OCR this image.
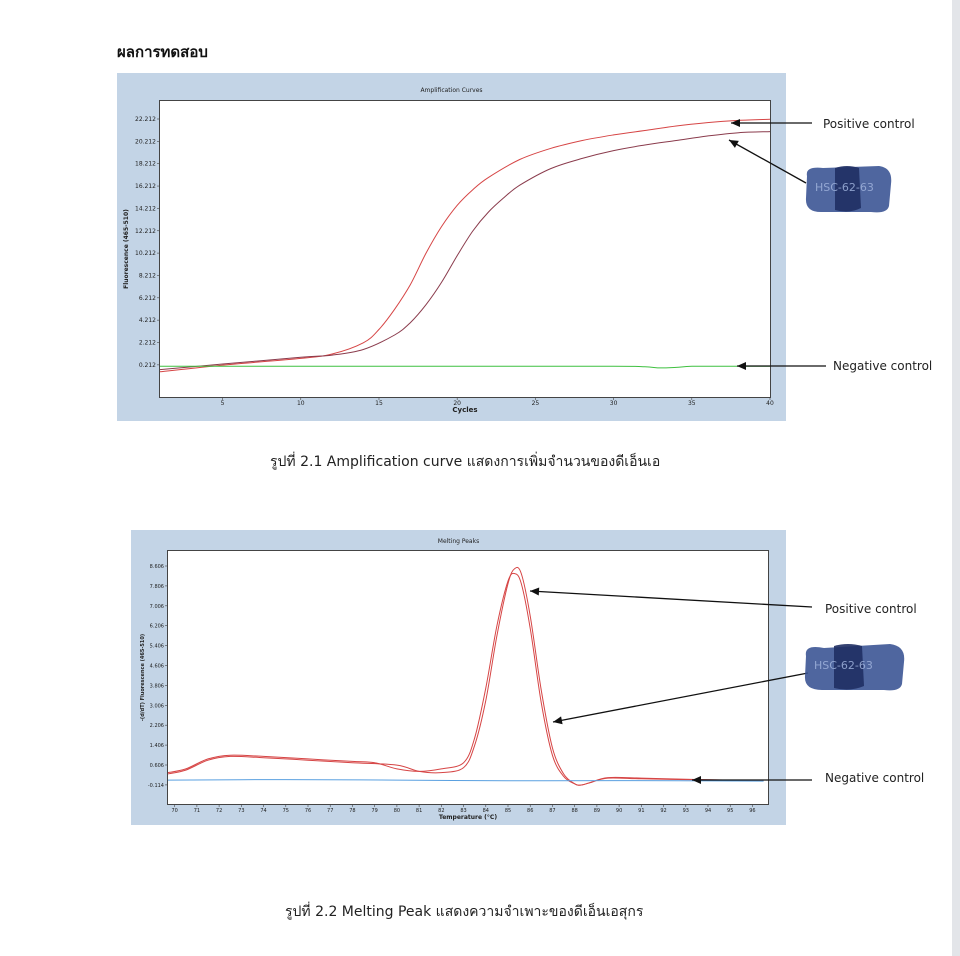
ผลการทดสอบ
Amplification Curves
5	10	15	20	25	30	35	40
22.212
20.212
18.212
16.212
14.212
12.212
10.212
8.212
6.212
4.212
2.212
0.212
Cycles
Fluorescence (465-510)
รูปที่ 2.1 Amplification curve แสดงการเพิ่มจำนวนของดีเอ็นเอ
Positive control
Negative control
HSC-62-63
Melting Peaks
70	71	72	73	74	75	76	77	78	79	80	81	82	83	84	85	86	87	88	89	90	91	92	93	94	95	96
8.606
7.806
7.006
6.206
5.406
4.606
3.806
3.006
2.206
1.406
0.606
-0.114
Temperature (°C)
-(d/dT) Fluorescence (465-510)
รูปที่ 2.2 Melting Peak แสดงความจำเพาะของดีเอ็นเอสุกร
Positive control
Negative control
HSC-62-63
